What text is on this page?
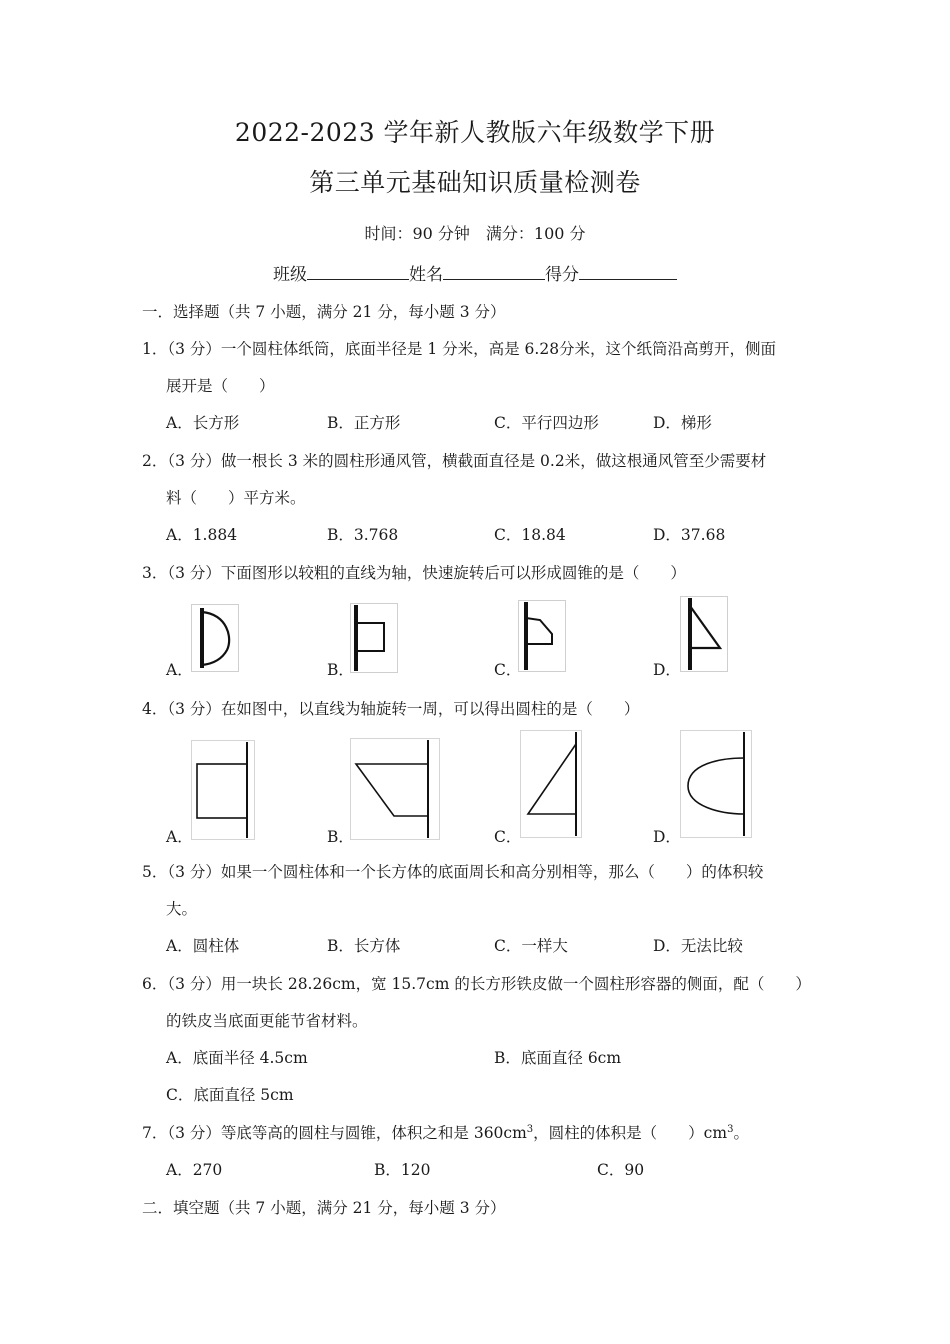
2022-2023 学年新人教版六年级数学下册
第三单元基础知识质量检测卷
时间：90 分钟　满分：100 分
班级	姓名	得分
一．选择题（共 7 小题，满分 21 分，每小题 3 分）
1．（3 分）一个圆柱体纸筒，底面半径是 1 分米，高是 6.28分米，这个纸筒沿高剪开，侧面
展开是（　　）
A．长方形	B．正方形	C．平行四边形	D．梯形
2．（3 分）做一根长 3 米的圆柱形通风管，横截面直径是 0.2米，做这根通风管至少需要材
料（　　）平方米。
A．1.884	B．3.768	C．18.84	D．37.68
3．（3 分）下面图形以较粗的直线为轴，快速旋转后可以形成圆锥的是（　　）
A．	B．	C．	D．
4．（3 分）在如图中，以直线为轴旋转一周，可以得出圆柱的是（　　）
A．	B．	C．	D．
5．（3 分）如果一个圆柱体和一个长方体的底面周长和高分别相等，那么（　　）的体积较
大。
A．圆柱体	B．长方体	C．一样大	D．无法比较
6．（3 分）用一块长 28.26cm，宽 15.7cm 的长方形铁皮做一个圆柱形容器的侧面，配（　　）
的铁皮当底面更能节省材料。
A．底面半径 4.5cm	B．底面直径 6cm
C．底面直径 5cm
7．（3 分）等底等高的圆柱与圆锥，体积之和是 $360cm^3$，圆柱的体积是（　　）$cm^3$。
A．270	B．120	C．90
二．填空题（共 7 小题，满分 21 分，每小题 3 分）
